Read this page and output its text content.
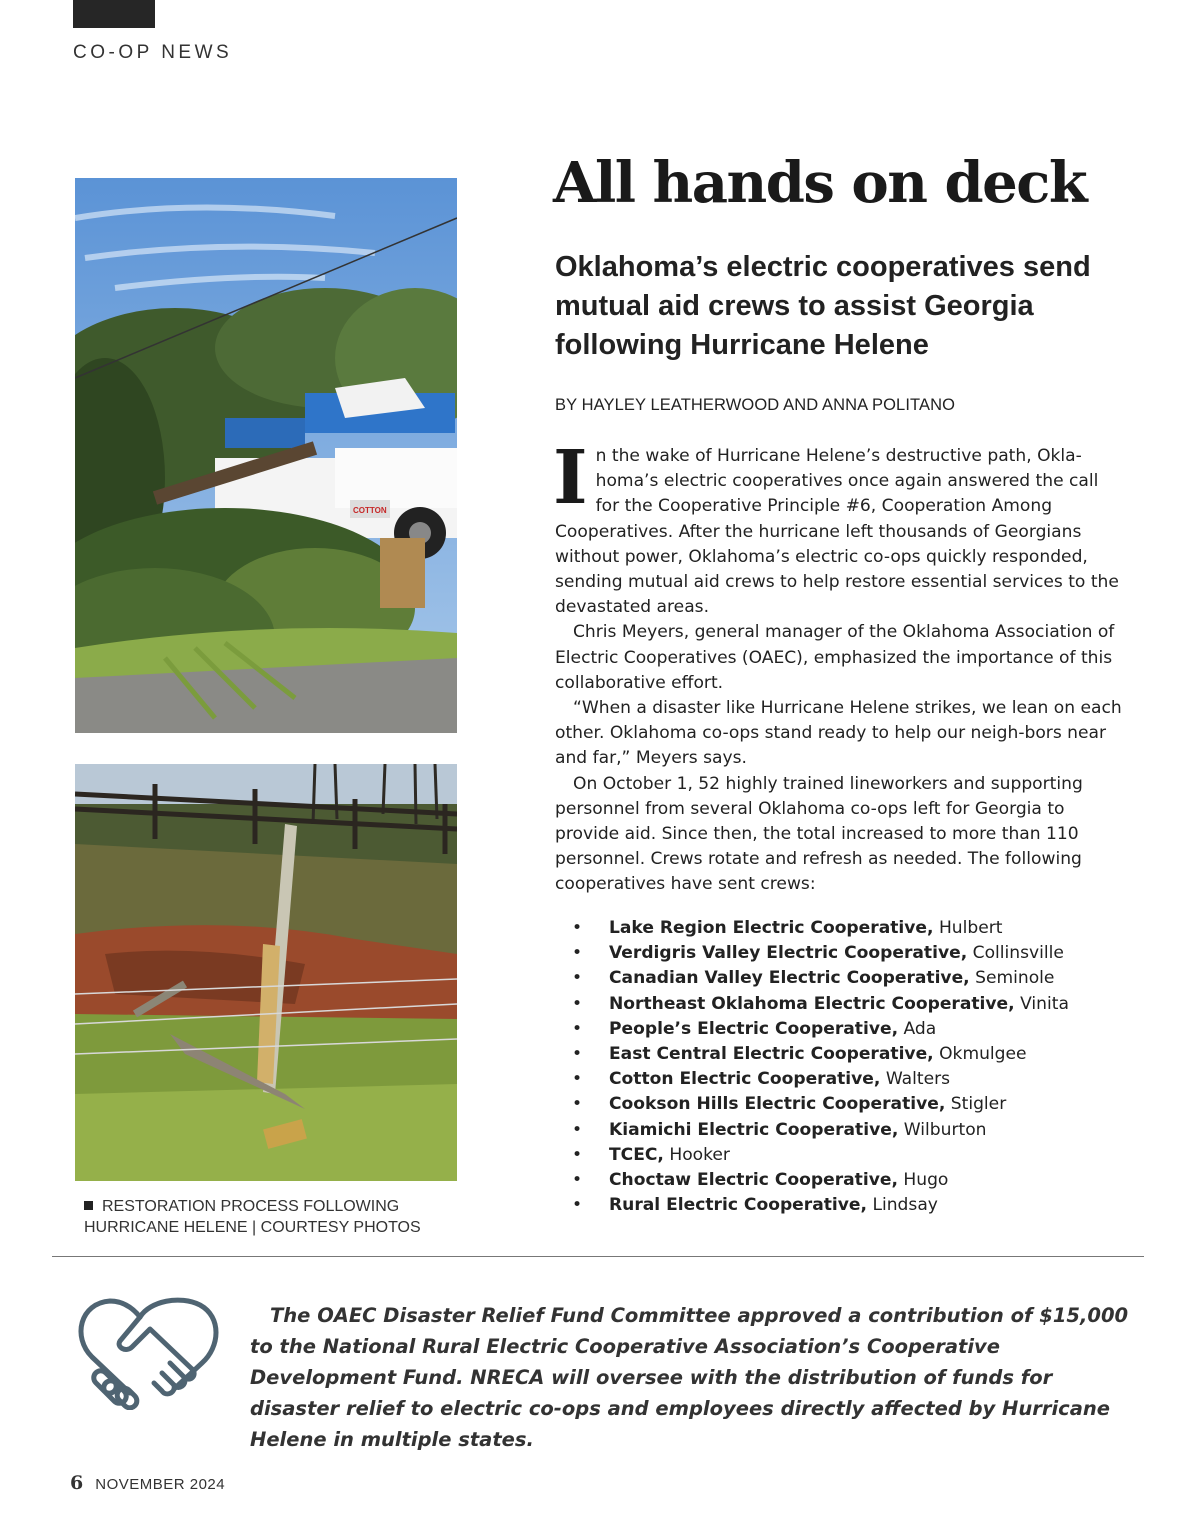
CO-OP NEWS
COTTON
RESTORATION PROCESS FOLLOWING HURRICANE HELENE | COURTESY PHOTOS
All hands on deck
Oklahoma’s electric cooperatives send mutual aid crews to assist Georgia following Hurricane Helene

BY HAYLEY LEATHERWOOD AND ANNA POLITANO

In the wake of Hurricane Helene’s destructive path, Okla-homa’s electric cooperatives once again answered the call for the Cooperative Principle #6, Cooperation Among Cooperatives. After the hurricane left thousands of Georgians without power, Oklahoma’s electric co-ops quickly responded, sending mutual aid crews to help restore essential services to the devastated areas.

Chris Meyers, general manager of the Oklahoma Association of Electric Cooperatives (OAEC), emphasized the importance of this collaborative effort.

“When a disaster like Hurricane Helene strikes, we lean on each other. Oklahoma co-ops stand ready to help our neigh-bors near and far,” Meyers says.

On October 1, 52 highly trained lineworkers and supporting personnel from several Oklahoma co-ops left for Georgia to provide aid. Since then, the total increased to more than 110 personnel. Crews rotate and refresh as needed. The following cooperatives have sent crews:

• Lake Region Electric Cooperative, Hulbert
• Verdigris Valley Electric Cooperative, Collinsville
• Canadian Valley Electric Cooperative, Seminole
• Northeast Oklahoma Electric Cooperative, Vinita
• People’s Electric Cooperative, Ada
• East Central Electric Cooperative, Okmulgee
• Cotton Electric Cooperative, Walters
• Cookson Hills Electric Cooperative, Stigler
• Kiamichi Electric Cooperative, Wilburton
• TCEC, Hooker
• Choctaw Electric Cooperative, Hugo
• Rural Electric Cooperative, Lindsay
The OAEC Disaster Relief Fund Committee approved a contribution of $15,000 to the National Rural Electric Cooperative Association’s Cooperative Development Fund. NRECA will oversee with the distribution of funds for disaster relief to electric co-ops and employees directly affected by Hurricane Helene in multiple states.
6 NOVEMBER 2024
